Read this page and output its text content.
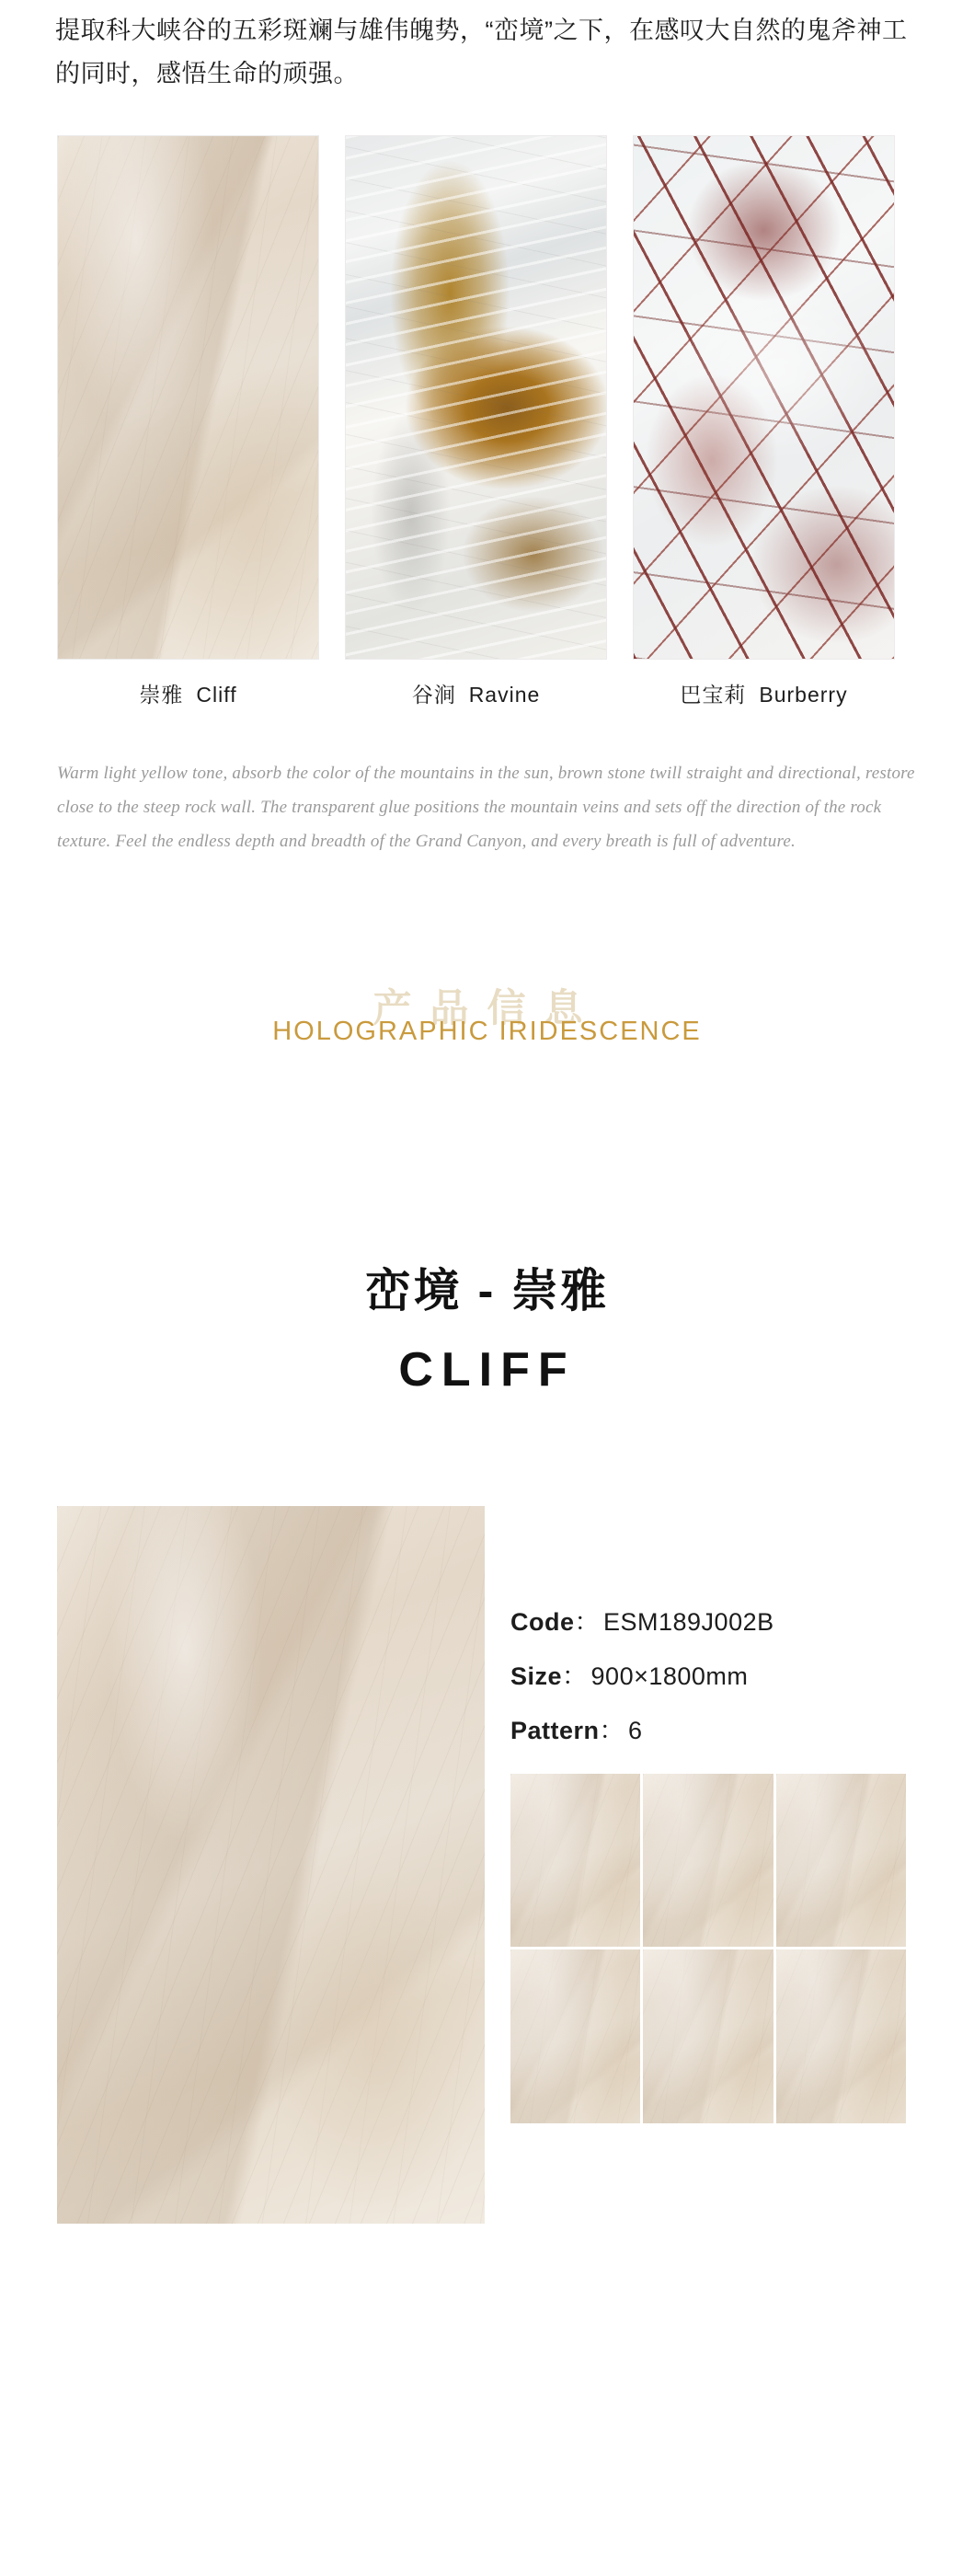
提取科大峡谷的五彩斑斓与雄伟魄势，“峦境”之下，在感叹大自然的鬼斧神工的同时，感悟生命的顽强。

崇雅 Cliff	谷涧 Ravine	巴宝莉 Burberry

Warm light yellow tone, absorb the color of the mountains in the sun, brown stone twill straight and directional, restore close to the steep rock wall. The transparent glue positions the mountain veins and sets off the direction of the rock texture. Feel the endless depth and breadth of the Grand Canyon, and every breath is full of adventure.

产品信息
HOLOGRAPHIC IRIDESCENCE
峦境 - 崇雅
CLIFF
Code： ESM189J002B
Size： 900×1800mm
Pattern： 6
